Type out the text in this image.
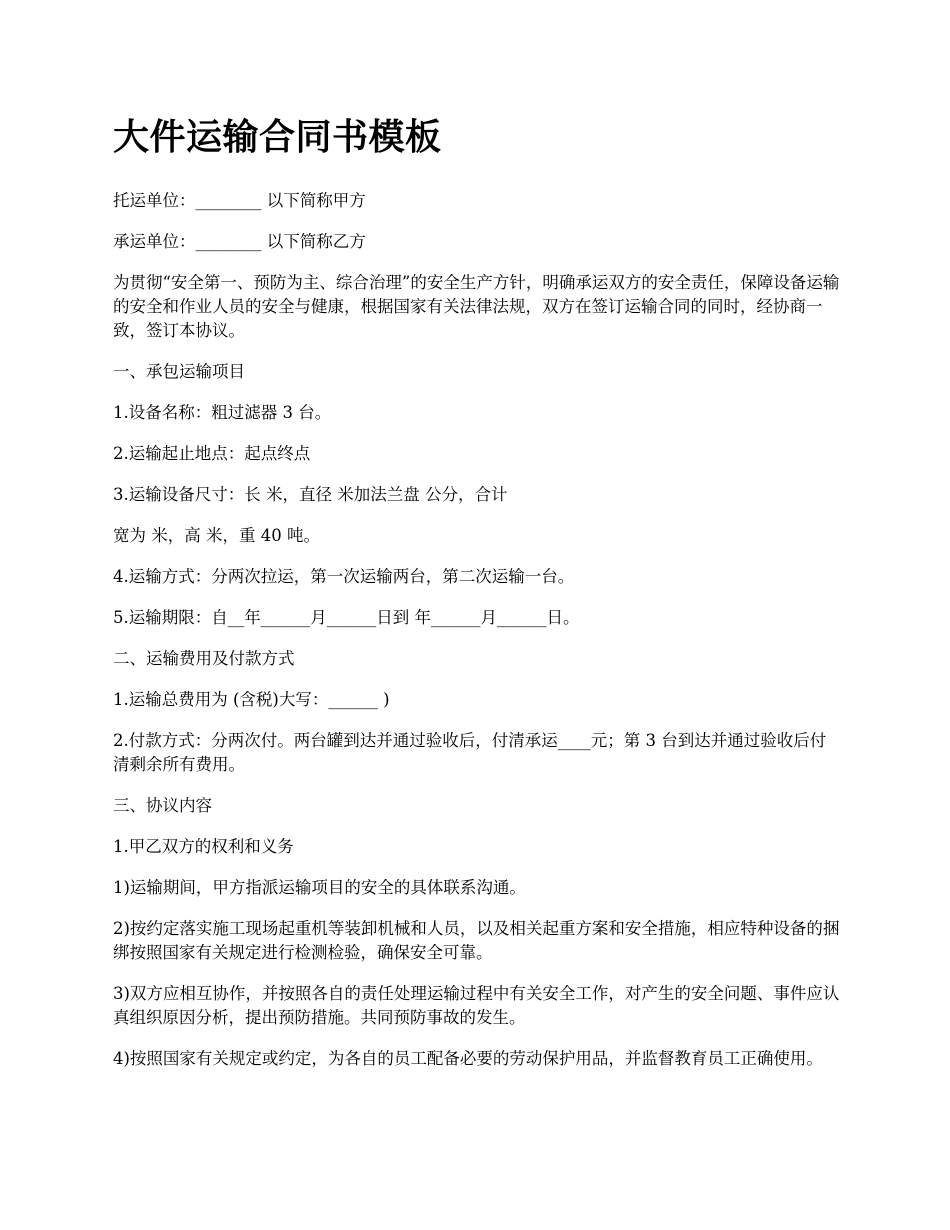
大件运输合同书模板

托运单位：________ 以下简称甲方

承运单位：________ 以下简称乙方

为贯彻“安全第一、预防为主、综合治理”的安全生产方针，明确承运双方的安全责任，保障设备运输的安全和作业人员的安全与健康，根据国家有关法律法规，双方在签订运输合同的同时，经协商一致，签订本协议。

一、承包运输项目

1.设备名称：粗过滤器 3 台。

2.运输起止地点：起点终点

3.运输设备尺寸：长 米，直径 米加法兰盘 公分，合计

宽为 米，高 米，重 40 吨。

4.运输方式：分两次拉运，第一次运输两台，第二次运输一台。

5.运输期限：自__年______月______日到 年______月______日。

二、运输费用及付款方式

1.运输总费用为 (含税)大写：______ )

2.付款方式：分两次付。两台罐到达并通过验收后，付清承运____元；第 3 台到达并通过验收后付清剩余所有费用。

三、协议内容

1.甲乙双方的权利和义务

1)运输期间，甲方指派运输项目的安全的具体联系沟通。

2)按约定落实施工现场起重机等装卸机械和人员，以及相关起重方案和安全措施，相应特种设备的捆绑按照国家有关规定进行检测检验，确保安全可靠。

3)双方应相互协作，并按照各自的责任处理运输过程中有关安全工作，对产生的安全问题、事件应认真组织原因分析，提出预防措施。共同预防事故的发生。

4)按照国家有关规定或约定，为各自的员工配备必要的劳动保护用品，并监督教育员工正确使用。
